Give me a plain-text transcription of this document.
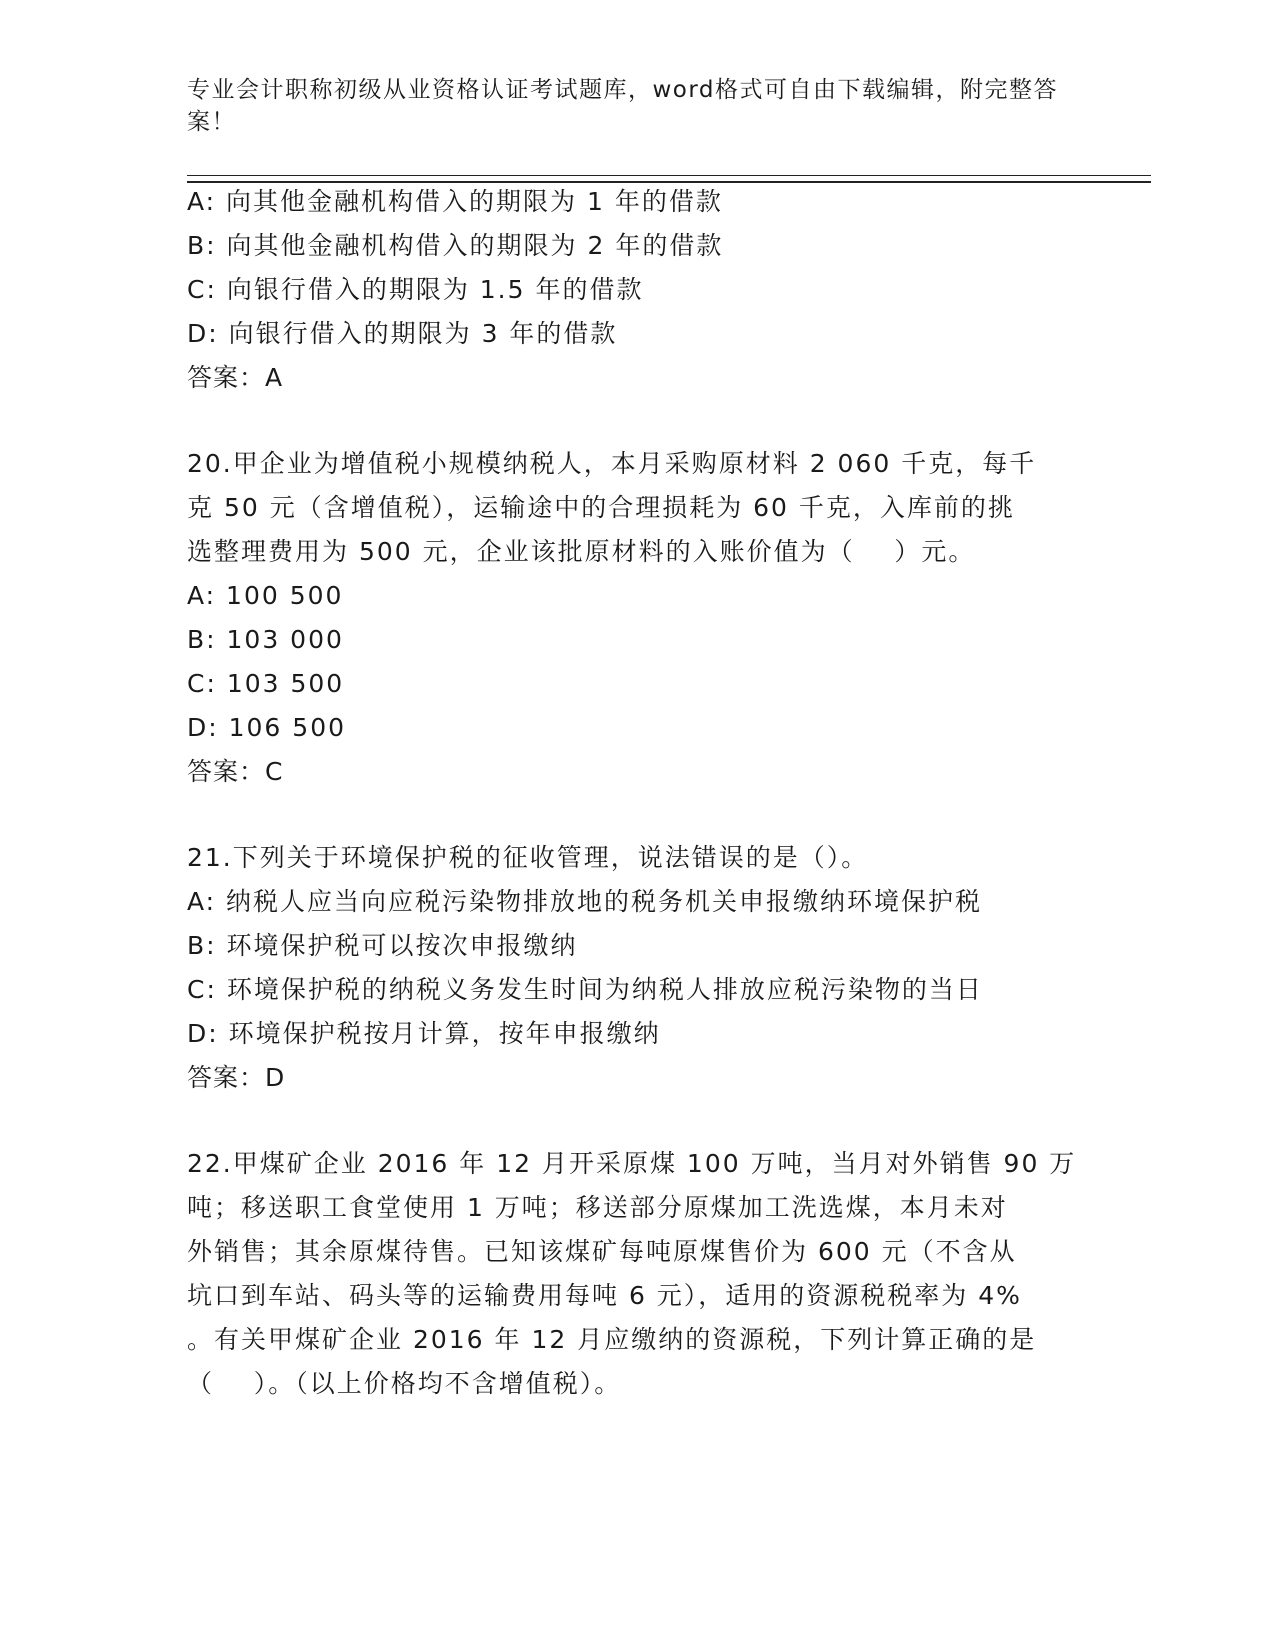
专业会计职称初级从业资格认证考试题库，word格式可自由下载编辑，附完整答案！
A: 向其他金融机构借入的期限为 1 年的借款
B: 向其他金融机构借入的期限为 2 年的借款
C: 向银行借入的期限为 1.5 年的借款
D: 向银行借入的期限为 3 年的借款
答案：A
20.甲企业为增值税小规模纳税人，本月采购原材料 2 060 千克，每千
克 50 元（含增值税），运输途中的合理损耗为 60 千克，入库前的挑
选整理费用为 500 元，企业该批原材料的入账价值为（    ）元。
A: 100 500
B: 103 000
C: 103 500
D: 106 500
答案：C
21.下列关于环境保护税的征收管理，说法错误的是（）。
A: 纳税人应当向应税污染物排放地的税务机关申报缴纳环境保护税
B: 环境保护税可以按次申报缴纳
C: 环境保护税的纳税义务发生时间为纳税人排放应税污染物的当日
D: 环境保护税按月计算，按年申报缴纳
答案：D
22.甲煤矿企业 2016 年 12 月开采原煤 100 万吨，当月对外销售 90 万
吨；移送职工食堂使用 1 万吨；移送部分原煤加工洗选煤，本月未对
外销售；其余原煤待售。已知该煤矿每吨原煤售价为 600 元（不含从
坑口到车站、码头等的运输费用每吨 6 元），适用的资源税税率为 4%
。有关甲煤矿企业 2016 年 12 月应缴纳的资源税，下列计算正确的是
（    ）。（以上价格均不含增值税）。
